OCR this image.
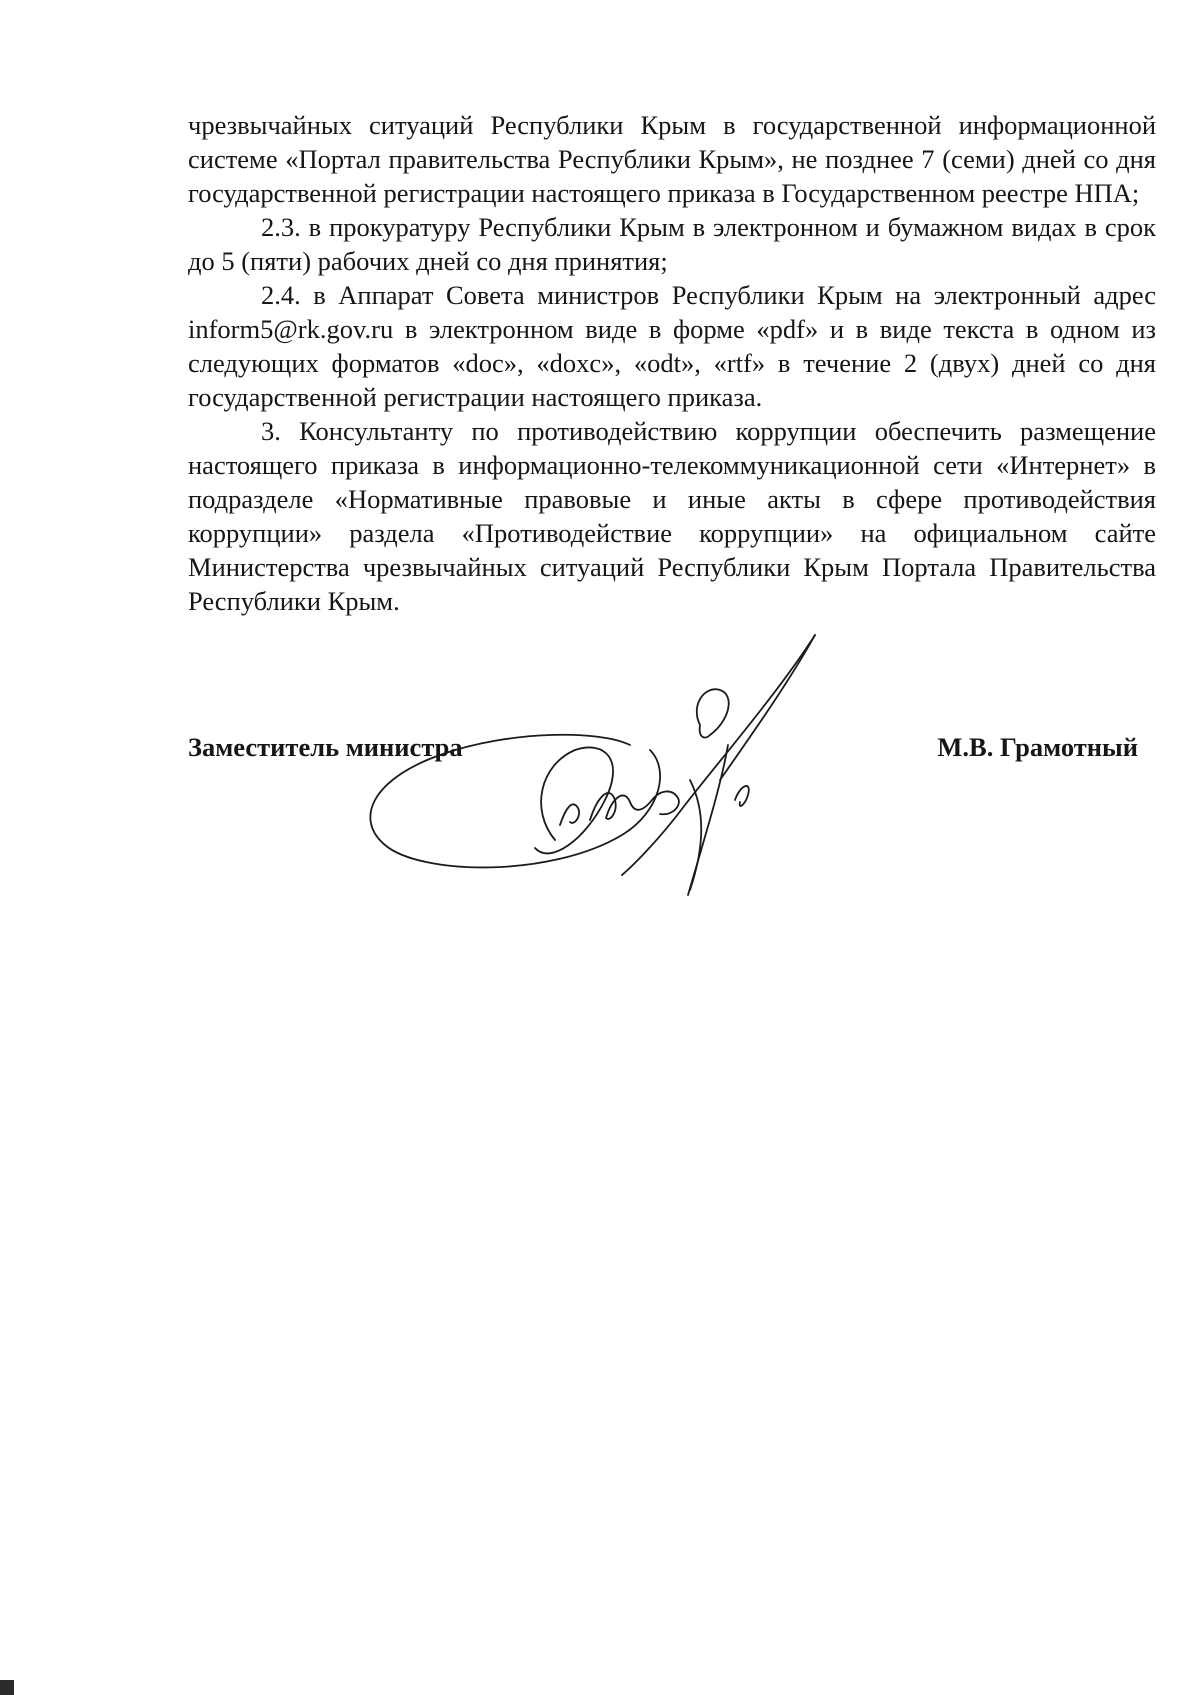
чрезвычайных ситуаций Республики Крым в государственной информационной системе «Портал правительства Республики Крым», не позднее 7 (семи) дней со дня государственной регистрации настоящего приказа в Государственном реестре НПА;

2.3. в прокуратуру Республики Крым в электронном и бумажном видах в срок до 5 (пяти) рабочих дней со дня принятия;

2.4. в Аппарат Совета министров Республики Крым на электронный адрес inform5@rk.gov.ru в электронном виде в форме «pdf» и в виде текста в одном из следующих форматов «doc», «doxc», «odt», «rtf» в течение 2 (двух) дней со дня государственной регистрации настоящего приказа.

3. Консультанту по противодействию коррупции обеспечить размещение настоящего приказа в информационно-телекоммуникационной сети «Интернет» в подразделе «Нормативные правовые и иные акты в сфере противодействия коррупции» раздела «Противодействие коррупции» на официальном сайте Министерства чрезвычайных ситуаций Республики Крым Портала Правительства Республики Крым.

Заместитель министра	М.В. Грамотный
